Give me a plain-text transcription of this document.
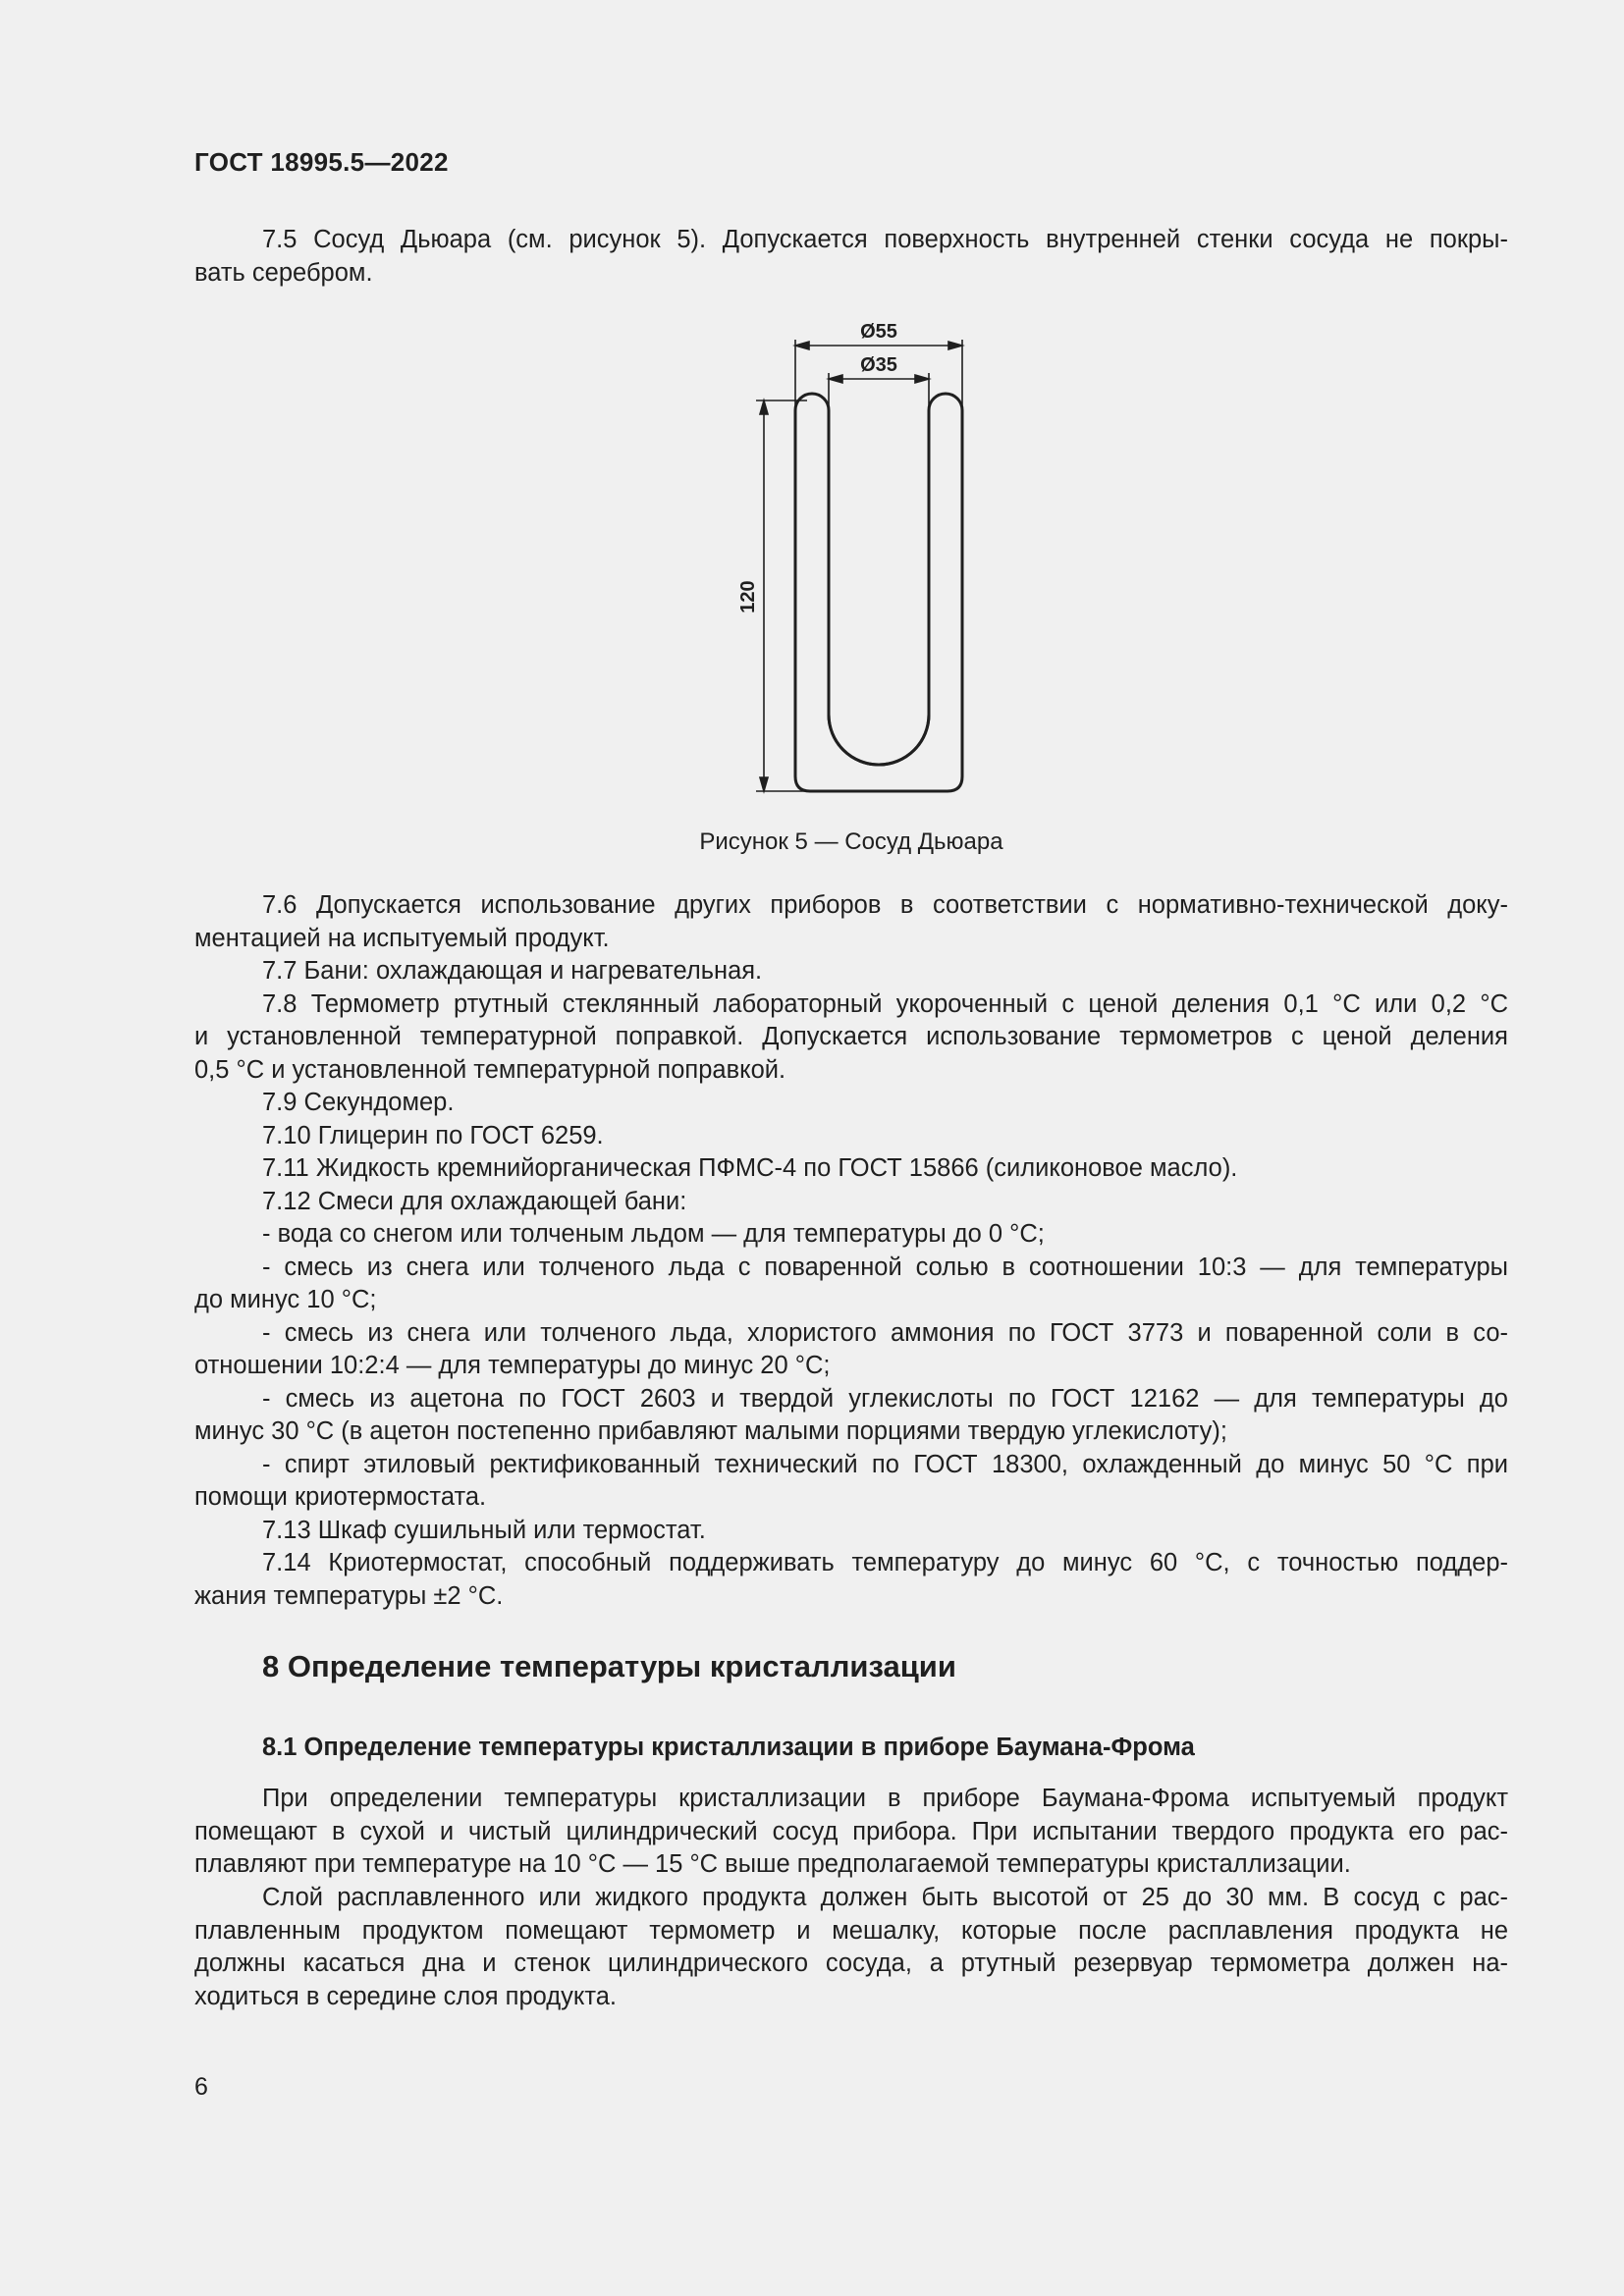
ГОСТ 18995.5—2022
7.5 Сосуд Дьюара (см. рисунок 5). Допускается поверхность внутренней стенки сосуда не покры-
вать серебром.
Ø55
Ø35
120
Рисунок 5 — Сосуд Дьюара
7.6 Допускается использование других приборов в соответствии с нормативно-технической доку-
ментацией на испытуемый продукт.
7.7 Бани: охлаждающая и нагревательная.
7.8 Термометр ртутный стеклянный лабораторный укороченный с ценой деления 0,1 °С или 0,2 °С
и установленной температурной поправкой. Допускается использование термометров с ценой деления
0,5 °С и установленной температурной поправкой.
7.9 Секундомер.
7.10 Глицерин по ГОСТ 6259.
7.11 Жидкость кремнийорганическая ПФМС-4 по ГОСТ 15866 (силиконовое масло).
7.12 Смеси для охлаждающей бани:
- вода со снегом или толченым льдом — для температуры до 0 °С;
- смесь из снега или толченого льда с поваренной солью в соотношении 10:3 — для температуры
до минус 10 °С;
- смесь из снега или толченого льда, хлористого аммония по ГОСТ 3773 и поваренной соли в со-
отношении 10:2:4 — для температуры до минус 20 °С;
- смесь из ацетона по ГОСТ 2603 и твердой углекислоты по ГОСТ 12162 — для температуры до
минус 30 °С (в ацетон постепенно прибавляют малыми порциями твердую углекислоту);
- спирт этиловый ректификованный технический по ГОСТ 18300, охлажденный до минус 50 °С при
помощи криотермостата.
7.13 Шкаф сушильный или термостат.
7.14 Криотермостат, способный поддерживать температуру до минус 60 °С, с точностью поддер-
жания температуры ±2 °С.
8 Определение температуры кристаллизации
8.1 Определение температуры кристаллизации в приборе Баумана-Фрома
При определении температуры кристаллизации в приборе Баумана-Фрома испытуемый продукт
помещают в сухой и чистый цилиндрический сосуд прибора. При испытании твердого продукта его рас-
плавляют при температуре на 10 °С — 15 °С выше предполагаемой температуры кристаллизации.
Слой расплавленного или жидкого продукта должен быть высотой от 25 до 30 мм. В сосуд с рас-
плавленным продуктом помещают термометр и мешалку, которые после расплавления продукта не
должны касаться дна и стенок цилиндрического сосуда, а ртутный резервуар термометра должен на-
ходиться в середине слоя продукта.
6
